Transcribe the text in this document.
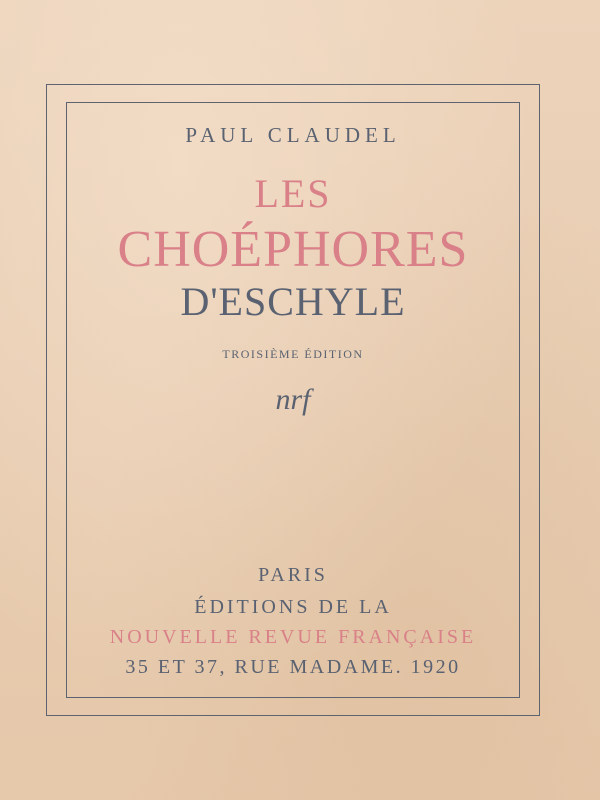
PAUL CLAUDEL
LES
CHOÉPHORES
D'ESCHYLE
TROISIÈME ÉDITION
nrf
PARIS
ÉDITIONS DE LA
NOUVELLE REVUE FRANÇAISE
35 ET 37, RUE MADAME. 1920
